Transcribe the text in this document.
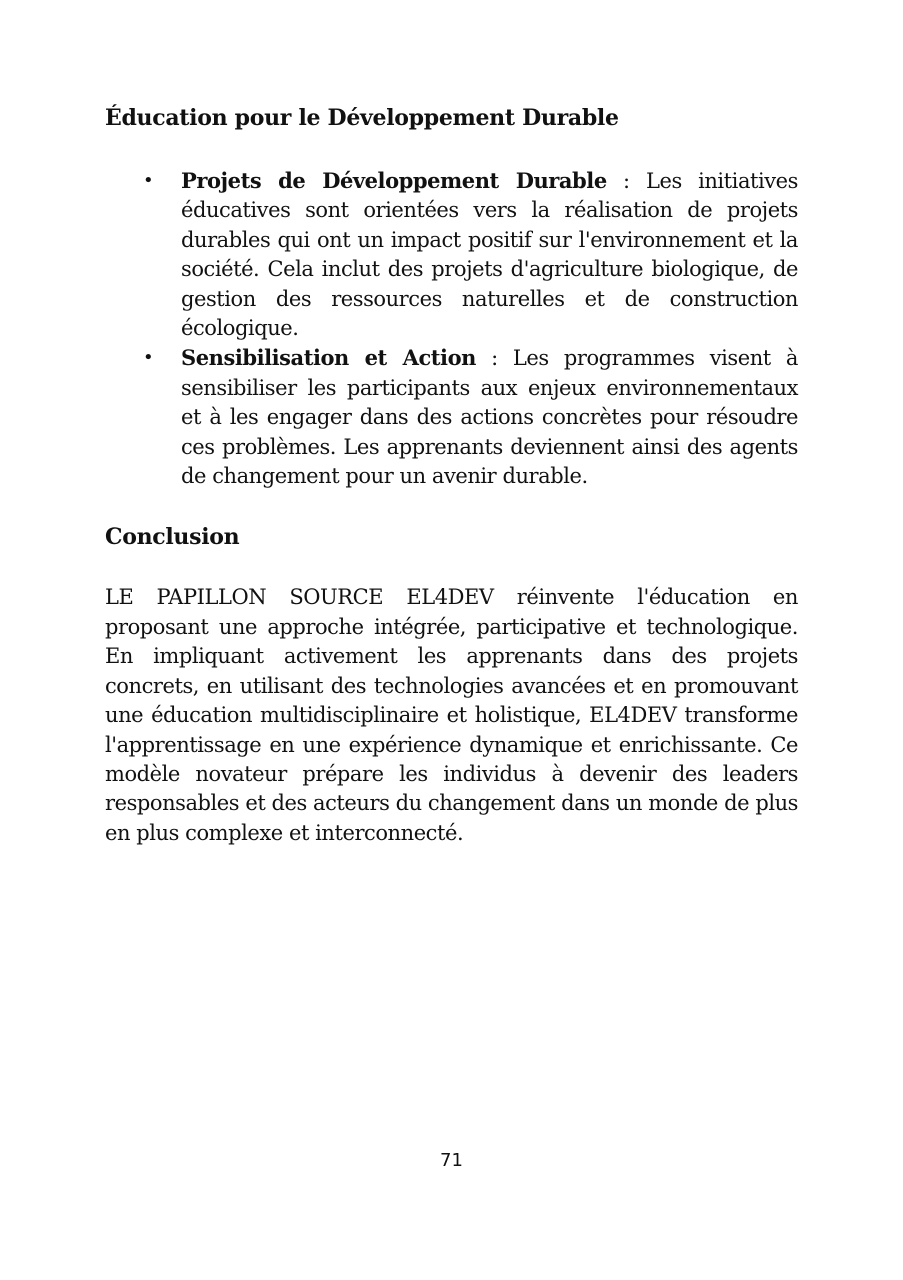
Éducation pour le Développement Durable
• Projets de Développement Durable : Les initiatives éducatives sont orientées vers la réalisation de projets durables qui ont un impact positif sur l'environnement et la société. Cela inclut des projets d'agriculture biologique, de gestion des ressources naturelles et de construction écologique.
• Sensibilisation et Action : Les programmes visent à sensibiliser les participants aux enjeux environnementaux et à les engager dans des actions concrètes pour résoudre ces problèmes. Les apprenants deviennent ainsi des agents de changement pour un avenir durable.
Conclusion

LE PAPILLON SOURCE EL4DEV réinvente l'éducation en proposant une approche intégrée, participative et technologique. En impliquant activement les apprenants dans des projets concrets, en utilisant des technologies avancées et en promouvant une éducation multidisciplinaire et holistique, EL4DEV transforme l'apprentissage en une expérience dynamique et enrichissante. Ce modèle novateur prépare les individus à devenir des leaders responsables et des acteurs du changement dans un monde de plus en plus complexe et interconnecté.

71
